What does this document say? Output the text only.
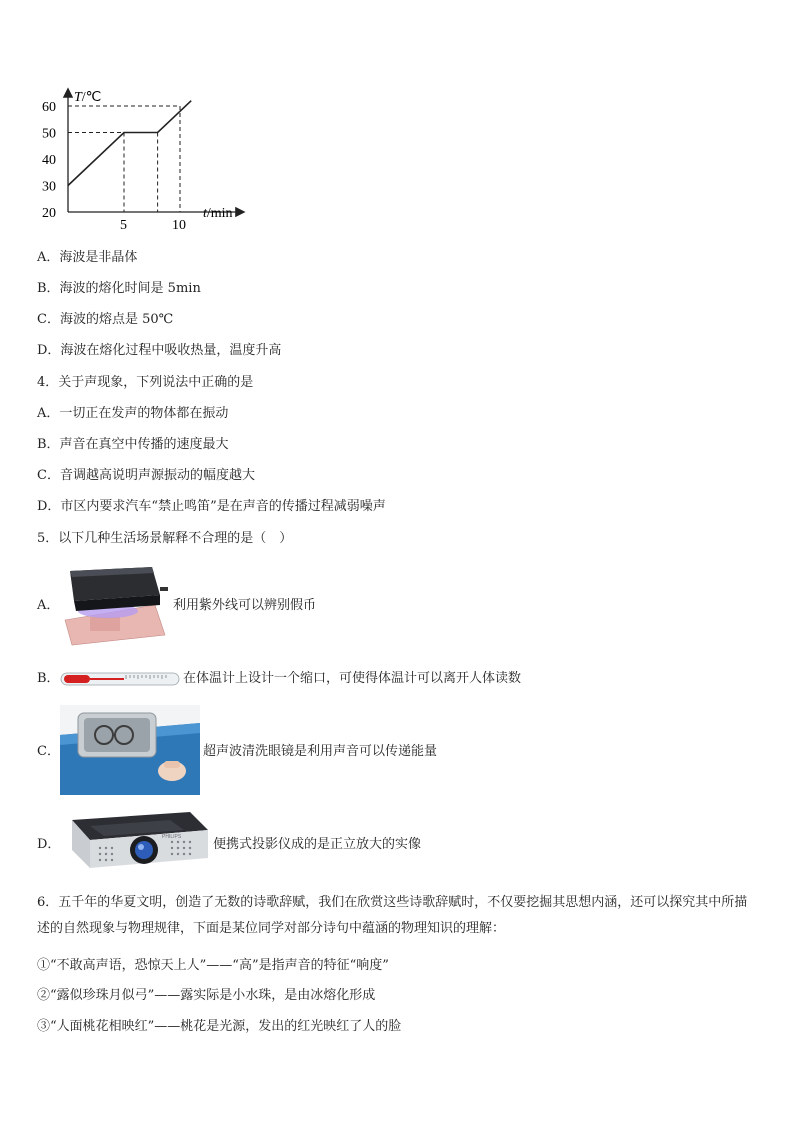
20
30
40
50
60
5	10
T/℃
t/min
A．海波是非晶体
B．海波的熔化时间是 5min
C．海波的熔点是 50℃
D．海波在熔化过程中吸收热量，温度升高
4．关于声现象，下列说法中正确的是
A．一切正在发声的物体都在振动
B．声音在真空中传播的速度最大
C．音调越高说明声源振动的幅度越大
D．市区内要求汽车“禁止鸣笛”是在声音的传播过程减弱噪声
5．以下几种生活场景解释不合理的是（　）
A．	利用紫外线可以辨别假币
B．	在体温计上设计一个缩口，可使得体温计可以离开人体读数
C．	超声波清洗眼镜是利用声音可以传递能量
D．	PHILIPS 便携式投影仪成的是正立放大的实像
6．五千年的华夏文明，创造了无数的诗歌辞赋，我们在欣赏这些诗歌辞赋时，不仅要挖掘其思想内涵，还可以探究其中所描述的自然现象与物理规律，下面是某位同学对部分诗句中蕴涵的物理知识的理解：
①“不敢高声语，恐惊天上人”——“高”是指声音的特征“响度”
②“露似珍珠月似弓”——露实际是小水珠，是由冰熔化形成
③“人面桃花相映红”——桃花是光源，发出的红光映红了人的脸
